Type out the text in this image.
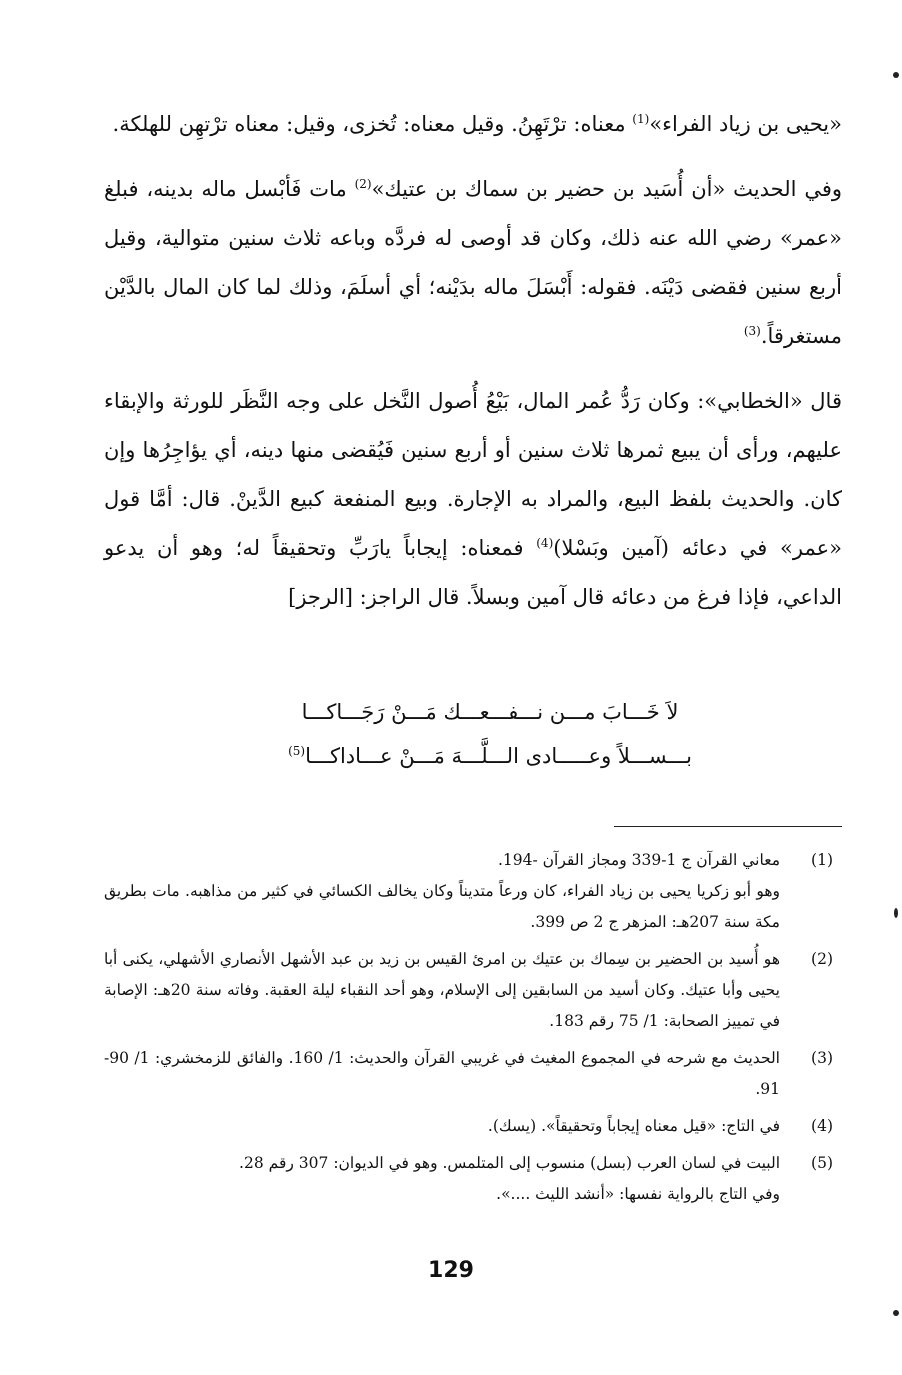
«يحيى بن زياد الفراء»$^{(1)}$ معناه: ترْتَهِنُ. وقيل معناه: تُخزى، وقيل: معناه ترْتهِن للهلكة.

وفي الحديث «أن أُسَيد بن حضير بن سماك بن عتيك»$^{(2)}$ مات فَأبْسل ماله بدينه، فبلغ «عمر» رضي الله عنه ذلك، وكان قد أوصى له فردَّه وباعه ثلاث سنين متوالية، وقيل أربع سنين فقضى دَيْنَه. فقوله: أَبْسَلَ ماله بدَيْنه؛ أي أسلَمَ، وذلك لما كان المال بالدَّيْن مستغرقاً.$^{(3)}$

قال «الخطابي»: وكان رَدُّ عُمر المال، بَيْعُ أُصول النَّخل على وجه النَّظَر للورثة والإبقاء عليهم، ورأى أن يبيع ثمرها ثلاث سنين أو أربع سنين فَيُقضى منها دينه، أي يؤاجِرُها وإن كان. والحديث بلفظ البيع، والمراد به الإجارة. وبيع المنفعة كبيع الدَّينْ. قال: أمَّا قول «عمر» في دعائه (آمين وبَسْلا)$^{(4)}$ فمعناه: إيجاباً يارَبِّ وتحقيقاً له؛ وهو أن يدعو الداعي، فإذا فرغ من دعائه قال آمين وبسلاً. قال الراجز: [الرجز]

لاَ خَـــابَ مـــن نـــفـــعـــك مَـــنْ رَجَـــاكـــا
بـــســـلاً وعـــــادى الـــلَّـــهَ مَـــنْ عـــاداكـــا$^{(5)}$
(1)
معاني القرآن ج 1-339 ومجاز القرآن -194.
وهو أبو زكريا يحيى بن زياد الفراء، كان ورعاً متديناً وكان يخالف الكسائي في كثير من مذاهبه. مات بطريق مكة سنة 207هـ: المزهر ج 2 ص 399.
(2)
هو أُسيد بن الحضير بن سِماك بن عتيك بن امرئ القيس بن زيد بن عبد الأشهل الأنصاري الأشهلي، يكنى أبا يحيى وأبا عتيك. وكان أسيد من السابقين إلى الإسلام، وهو أحد النقباء ليلة العقبة. وفاته سنة 20هـ: الإصابة في تمييز الصحابة: 1/ 75 رقم 183.
(3)
الحديث مع شرحه في المجموع المغيث في غريبي القرآن والحديث: 1/ 160. والفائق للزمخشري: 1/ 90-91.
(4)
في التاج: «قيل معناه إيجاباً وتحقيقاً». (يسك).
(5)
البيت في لسان العرب (بسل) منسوب إلى المتلمس. وهو في الديوان: 307 رقم 28.
وفي التاج بالرواية نفسها: «أنشد الليث ....».
129
